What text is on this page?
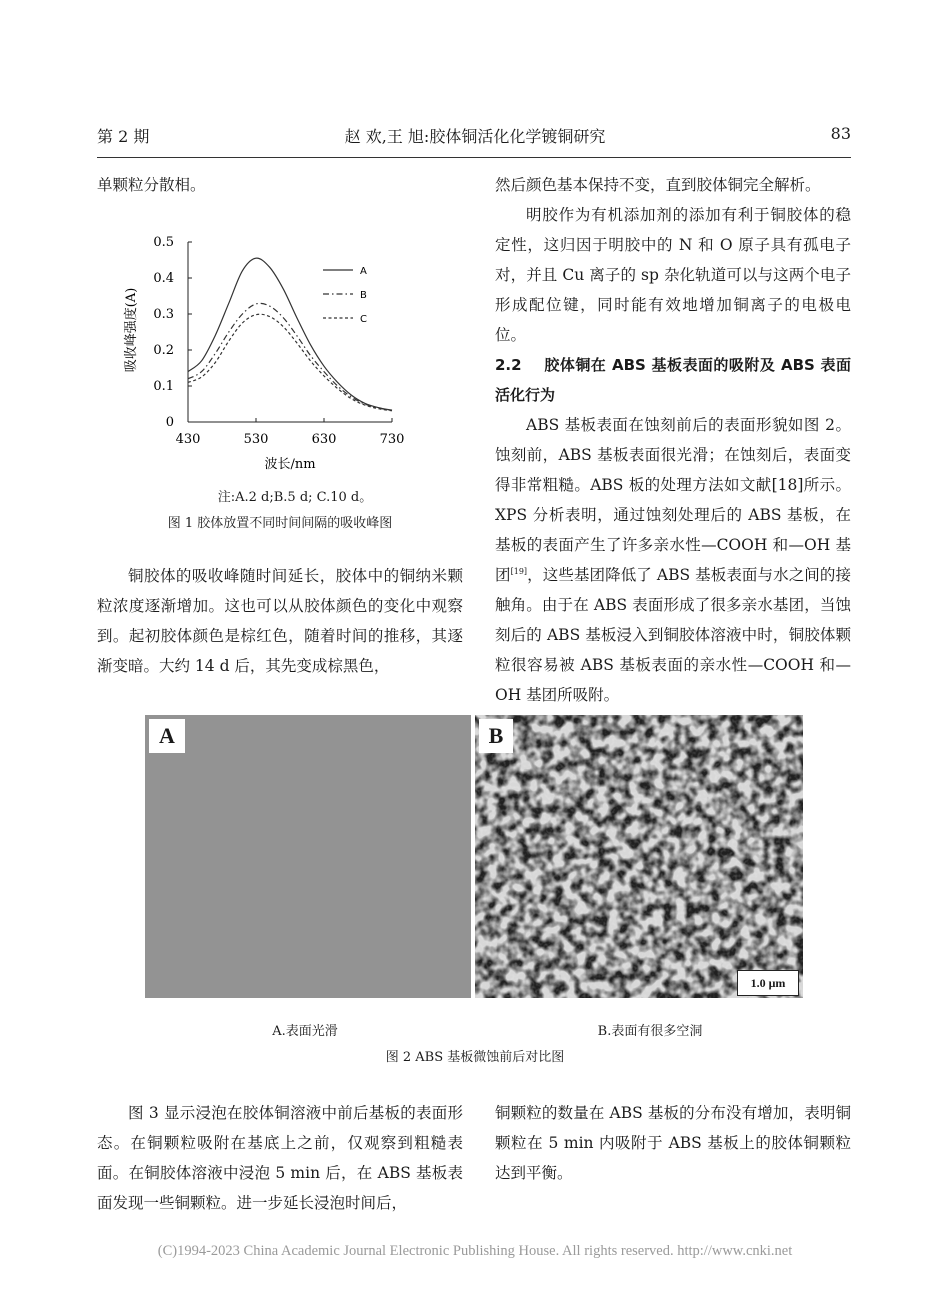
第 2 期	赵 欢,王 旭:胶体铜活化化学镀铜研究	83

单颗粒分散相。

0
0.1
0.2
0.3
0.4
0.5
430	530	630	730
A
B
C
吸收峰强度(A)
波长/nm
注:A.2 d;B.5 d; C.10 d。
图 1 胶体放置不同时间间隔的吸收峰图

铜胶体的吸收峰随时间延长，胶体中的铜纳米颗粒浓度逐渐增加。这也可以从胶体颜色的变化中观察到。起初胶体颜色是棕红色，随着时间的推移，其逐渐变暗。大约 14 d 后，其先变成棕黑色，

然后颜色基本保持不变，直到胶体铜完全解析。

明胶作为有机添加剂的添加有利于铜胶体的稳定性，这归因于明胶中的 N 和 O 原子具有孤电子对，并且 Cu 离子的 sp 杂化轨道可以与这两个电子形成配位键，同时能有效地增加铜离子的电极电位。

2.2 胶体铜在 ABS 基板表面的吸附及 ABS 表面活化行为

ABS 基板表面在蚀刻前后的表面形貌如图 2。蚀刻前，ABS 基板表面很光滑；在蚀刻后，表面变得非常粗糙。ABS 板的处理方法如文献[18]所示。XPS 分析表明，通过蚀刻处理后的 ABS 基板，在基板的表面产生了许多亲水性—COOH 和—OH 基团[19]，这些基团降低了 ABS 基板表面与水之间的接触角。由于在 ABS 表面形成了很多亲水基团，当蚀刻后的 ABS 基板浸入到铜胶体溶液中时，铜胶体颗粒很容易被 ABS 基板表面的亲水性—COOH 和—OH 基团所吸附。

A	B
1.0 μm
A.表面光滑	B.表面有很多空洞
图 2 ABS 基板微蚀前后对比图

图 3 显示浸泡在胶体铜溶液中前后基板的表面形态。在铜颗粒吸附在基底上之前，仅观察到粗糙表面。在铜胶体溶液中浸泡 5 min 后，在 ABS 基板表面发现一些铜颗粒。进一步延长浸泡时间后，

铜颗粒的数量在 ABS 基板的分布没有增加，表明铜颗粒在 5 min 内吸附于 ABS 基板上的胶体铜颗粒达到平衡。

(C)1994-2023 China Academic Journal Electronic Publishing House. All rights reserved. http://www.cnki.net
